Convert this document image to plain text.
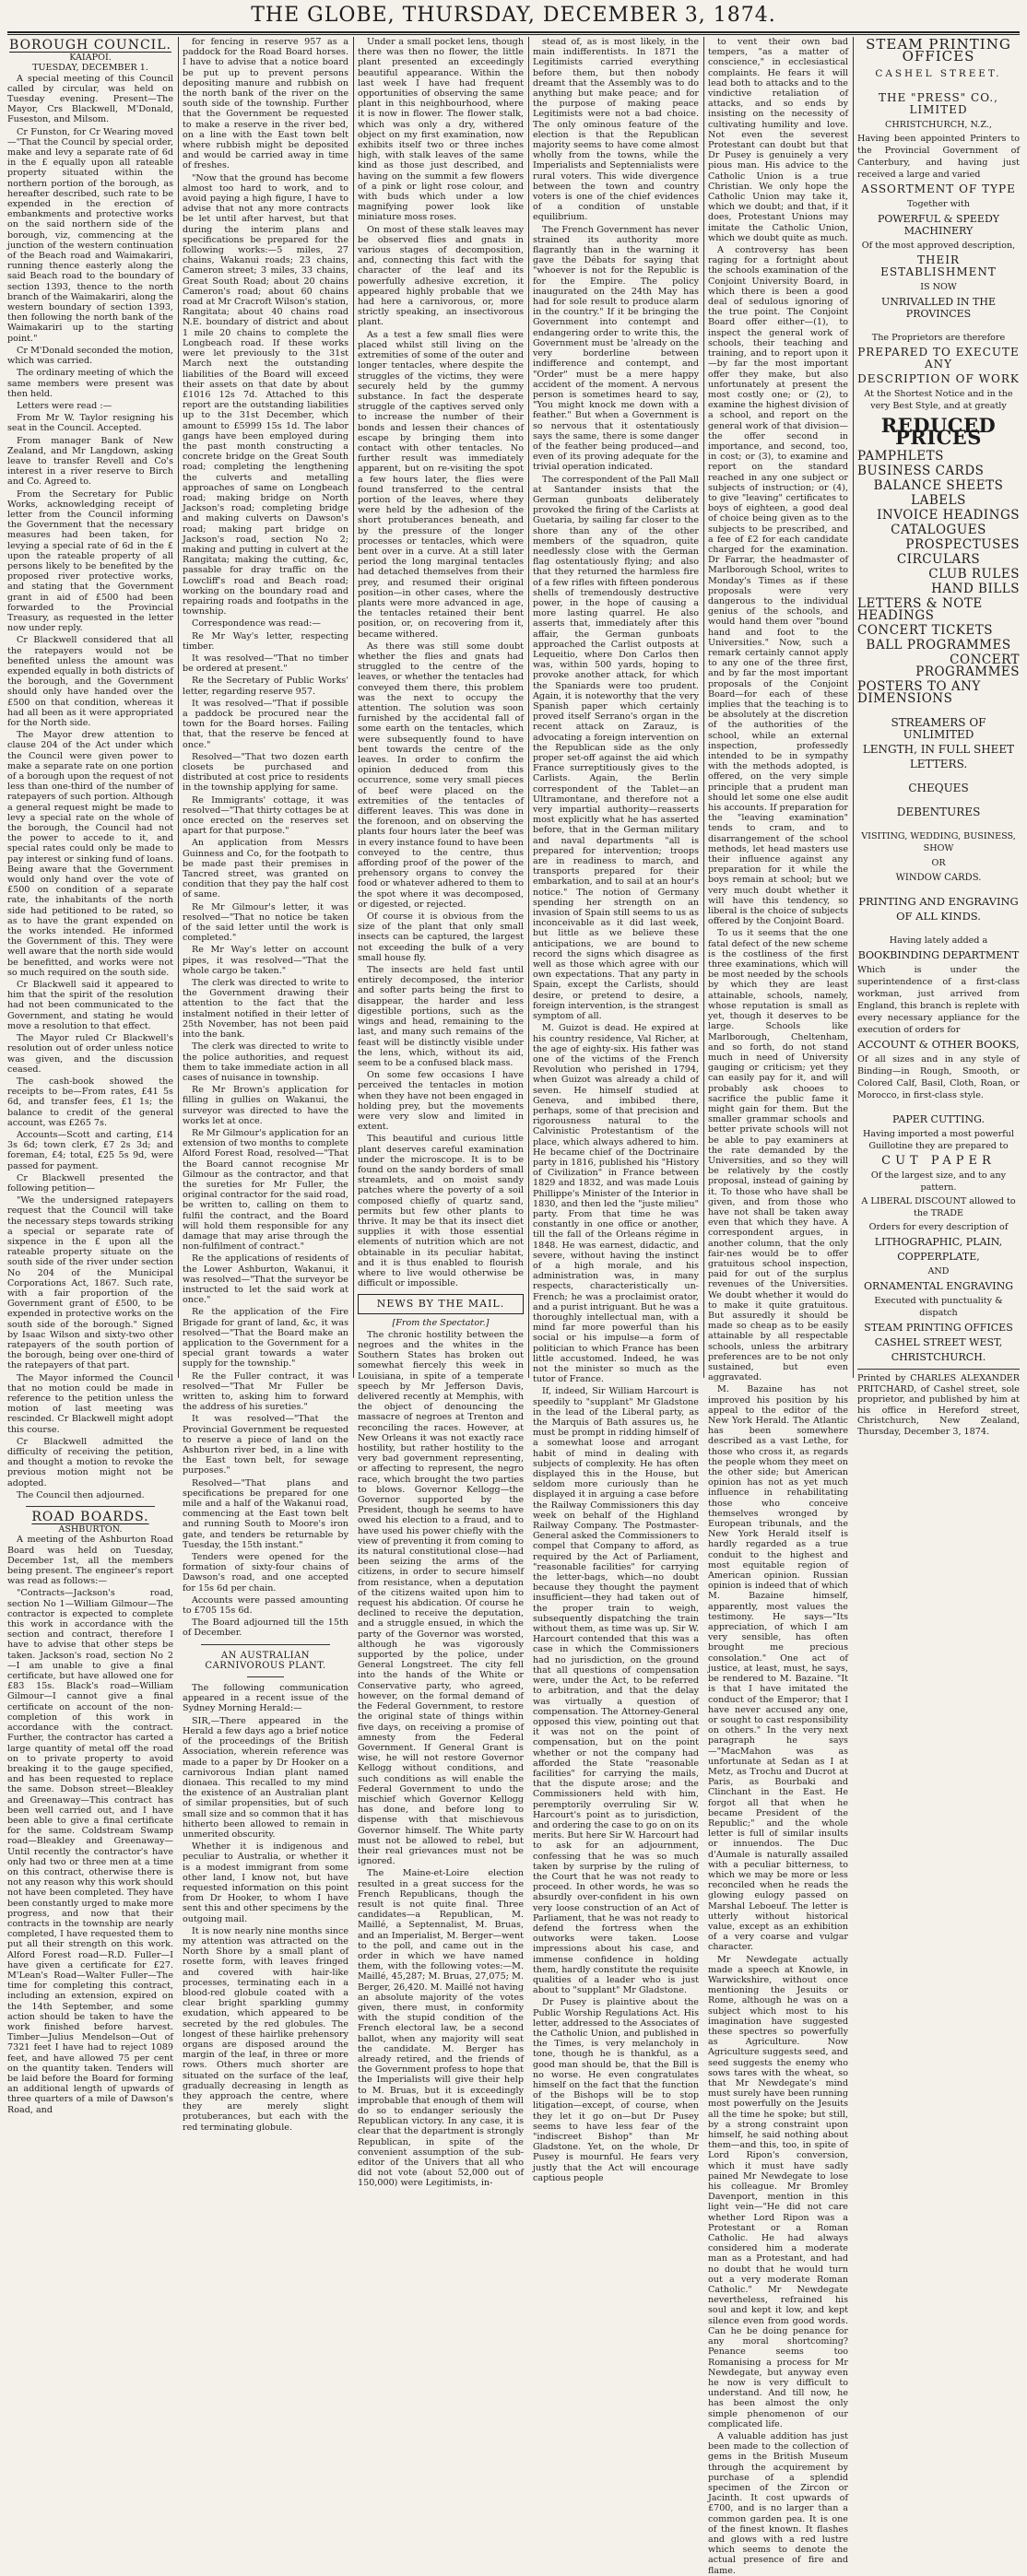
THE GLOBE, THURSDAY, DECEMBER 3, 1874.
BOROUGH COUNCIL.
KAIAPOI.
TUESDAY, DECEMBER 1.

A special meeting of this Council called by circular, was held on Tuesday evening. Present—The Mayor, Crs Blackwell, M'Donald, Fuseston, and Milsom.

Cr Funston, for Cr Wearing moved—"That the Council by special order, make and levy a separate rate of 6d in the £ equally upon all rateable property situated within the northern portion of the borough, as hereafter described, such rate to be expended in the erection of embankments and protective works on the said northern side of the borough, viz, commencing at the junction of the western continuation of the Beach road and Waimakariri, running thence easterly along the said Beach road to the boundary of section 1393, thence to the north branch of the Waimakariri, along the western boundary of section 1393, then following the north bank of the Waimakariri up to the starting point."

Cr M'Donald seconded the motion, which was carried.

The ordinary meeting of which the same members were present was then held.

Letters were read :—

From Mr W. Taylor resigning his seat in the Council. Accepted.

From manager Bank of New Zealand, and Mr Langdown, asking leave to transfer Revell and Co's interest in a river reserve to Birch and Co. Agreed to.

From the Secretary for Public Works, acknowledging receipt of letter from the Council informing the Government that the necessary measures had been taken, for levying a special rate of 6d in the £ upon the rateable property of all persons likely to be benefited by the proposed river protective works, and stating that the Government grant in aid of £500 had been forwarded to the Provincial Treasury, as requested in the letter now under reply.

Cr Blackwell considered that all the ratepayers would not be benefited unless the amount was expended equally in both districts of the borough, and the Government should only have handed over the £500 on that condition, whereas it had all been as it were appropriated for the North side.

The Mayor drew attention to clause 204 of the Act under which the Council were given power to make a separate rate on one portion of a borough upon the request of not less than one-third of the number of ratepayers of such portion. Although a general request might be made to levy a special rate on the whole of the borough, the Council had not the power to accede to it, and special rates could only be made to pay interest or sinking fund of loans. Being aware that the Government would only hand over the vote of £500 on condition of a separate rate, the inhabitants of the north side had petitioned to be rated, so as to have the grant expended on the works intended. He informed the Government of this. They were well aware that the north side would be benefitted, and works were not so much required on the south side.

Cr Blackwell said it appeared to him that the spirit of the resolution had not been communicated to the Government, and stating he would move a resolution to that effect.

The Mayor ruled Cr Blackwell's resolution out of order unless notice was given, and the discussion ceased.

The cash-book showed the receipts to be—From rates, £41 5s 6d, and transfer fees, £1 1s; the balance to credit of the general account, was £265 7s.

Accounts—Scott and carting, £14 3s 6d; town clerk, £7 2s 3d; and foreman, £4; total, £25 5s 9d, were passed for payment.

Cr Blackwell presented the following petition—

"We the undersigned ratepayers request that the Council will take the necessary steps towards striking a special or separate rate of sixpence in the £ upon all the rateable property situate on the south side of the river under section No 204 of the Municipal Corporations Act, 1867. Such rate, with a fair proportion of the Government grant of £500, to be expended in protective works on the south side of the borough." Signed by Isaac Wilson and sixty-two other ratepayers of the south portion of the borough, being over one-third of the ratepayers of that part.

The Mayor informed the Council that no motion could be made in reference to the petition unless the motion of last meeting was rescinded. Cr Blackwell might adopt this course.

Cr Blackwell admitted the difficulty of receiving the petition, and thought a motion to revoke the previous motion might not be adopted.

The Council then adjourned.

ROAD BOARDS.
ASHBURTON.

A meeting of the Ashburton Road Board was held on Tuesday, December 1st, all the members being present. The engineer's report was read as follows:—

"Contracts—Jackson's road, section No 1—William Gilmour—The contractor is expected to complete this work in accordance with the section and contract, therefore I have to advise that other steps be taken. Jackson's road, section No 2—I am unable to give a final certificate, but have allowed one for £83 15s. Black's road—William Gilmour—I cannot give a final certificate on account of the non-completion of this work in accordance with the contract. Further, the contractor has carted a large quantity of metal off the road on to private property to avoid breaking it to the gauge specified, and has been requested to replace the same. Dobson street—Bleakley and Greenaway—This contract has been well carried out, and I have been able to give a final certificate for the same. Coldstream Swamp road—Bleakley and Greenaway—Until recently the contractor's have only had two or three men at a time on this contract, otherwise there is not any reason why this work should not have been completed. They have been constantly urged to make more progress, and now that their contracts in the township are nearly completed, I have requested them to put all their strength on this work. Alford Forest road—R.D. Fuller—I have given a certificate for £27. M'Lean's Road—Walter Fuller—The time for completing this contract, including an extension, expired on the 14th September, and some action should be taken to have the work finished before harvest. Timber—Julius Mendelson—Out of 7321 feet I have had to reject 1089 feet, and have allowed 75 per cent on the quantity taken. Tenders will be laid before the Board for forming an additional length of upwards of three quarters of a mile of Dawson's Road, and

for fencing in reserve 957 as a paddock for the Road Board horses. I have to advise that a notice board be put up to prevent persons depositing manure and rubbish on the north bank of the river on the south side of the township. Further that the Government be requested to make a reserve in the river bed, on a line with the East town belt where rubbish might be deposited and would be carried away in time of freshes.

"Now that the ground has become almost too hard to work, and to avoid paying a high figure, I have to advise that not any more contracts be let until after harvest, but that during the interim plans and specifications be prepared for the following works:—5 miles, 27 chains, Wakanui roads; 23 chains, Cameron street; 3 miles, 33 chains, Great South Road; about 20 chains Cameron's road; about 60 chains road at Mr Cracroft Wilson's station, Rangitata; about 40 chains road N.E. boundary of district and about 1 mile 20 chains to complete the Longbeach road. If these works were let previously to the 31st March next the outstanding liabilities of the Board will exceed their assets on that date by about £1016 12s 7d. Attached to this report are the outstanding liabilities up to the 31st December, which amount to £5999 15s 1d. The labor gangs have been employed during the past month constructing a concrete bridge on the Great South road; completing the lengthening the culverts and metalling approaches of same on Longbeach road; making bridge on North Jackson's road; completing bridge and making culverts on Dawson's road; making part bridge on Jackson's road, section No 2; making and putting in culvert at the Rangitata; making the cutting, &c, passable for dray traffic on the Lowcliff's road and Beach road; working on the boundary road and repairing roads and footpaths in the township.

Correspondence was read:—

Re Mr Way's letter, respecting timber.

It was resolved—"That no timber be ordered at present."

Re the Secretary of Public Works' letter, regarding reserve 957.

It was resolved—"That if possible a paddock be procured near the town for the Board horses. Failing that, that the reserve be fenced at once."

Resolved—"That two dozen earth closets be purchased and distributed at cost price to residents in the township applying for same.

Re Immigrants' cottage, it was resolved—"That thirty cottages be at once erected on the reserves set apart for that purpose."

An application from Messrs Guinness and Co, for the footpath to be made past their premises in Tancred street, was granted on condition that they pay the half cost of same.

Re Mr Gilmour's letter, it was resolved—"That no notice be taken of the said letter until the work is completed."

Re Mr Way's letter on account pipes, it was resolved—"That the whole cargo be taken."

The clerk was directed to write to the Government drawing their attention to the fact that the instalment notified in their letter of 25th November, has not been paid into the bank.

The clerk was directed to write to the police authorities, and request them to take immediate action in all cases of nuisance in township.

Re Mr Brown's application for filling in gullies on Wakanui, the surveyor was directed to have the works let at once.

Re Mr Gilmour's application for an extension of two months to complete Alford Forest Road, resolved—"That the Board cannot recognise Mr Gilmour as the contractor, and that the sureties for Mr Fuller, the original contractor for the said road, be written to, calling on them to fulfil the contract, and the Board will hold them responsible for any damage that may arise through the non-fulfilment of contract."

Re the applications of residents of the Lower Ashburton, Wakanui, it was resolved—"That the surveyor be instructed to let the said work at once."

Re the application of the Fire Brigade for grant of land, &c, it was resolved—"That the Board make an application to the Government for a special grant towards a water supply for the township."

Re the Fuller contract, it was resolved—"That Mr Fuller be written to, asking him to forward the address of his sureties."

It was resolved—"That the Provincial Government be requested to reserve a piece of land on the Ashburton river bed, in a line with the East town belt, for sewage purposes."

Resolved—"That plans and specifications be prepared for one mile and a half of the Wakanui road, commencing at the East town belt and running South to Moore's iron gate, and tenders be returnable by Tuesday, the 15th instant."

Tenders were opened for the formation of sixty-four chains of Dawson's road, and one accepted for 15s 6d per chain.

Accounts were passed amounting to £705 15s 6d.

The Board adjourned till the 15th of December.

AN AUSTRALIAN CARNIVOROUS PLANT.

The following communication appeared in a recent issue of the Sydney Morning Herald:—

SIR,—There appeared in the Herald a few days ago a brief notice of the proceedings of the British Association, wherein reference was made to a paper by Dr Hooker on a carnivorous Indian plant named dionaea. This recalled to my mind the existence of an Australian plant of similar propensities, but of such small size and so common that it has hitherto been allowed to remain in unmerited obscurity.

Whether it is indigenous and peculiar to Australia, or whether it is a modest immigrant from some other land, I know not, but have requested information on this point from Dr Hooker, to whom I have sent this and other specimens by the outgoing mail.

It is now nearly nine months since my attention was attracted on the North Shore by a small plant of rosette form, with leaves fringed and covered with hair-like processes, terminating each in a blood-red globule coated with a clear bright sparkling gummy exudation, which appeared to be secreted by the red globules. The longest of these hairlike prehensory organs are disposed around the margin of the leaf, in three or more rows. Others much shorter are situated on the surface of the leaf, gradually decreasing in length as they approach the centre, where they are merely slight protuberances, but each with the red terminating globule.

Under a small pocket lens, though there was then no flower, the little plant presented an exceedingly beautiful appearance. Within the last week I have had frequent opportunities of observing the same plant in this neighbourhood, where it is now in flower. The flower stalk, which was only a dry, withered object on my first examination, now exhibits itself two or three inches high, with stalk leaves of the same kind as those just described, and having on the summit a few flowers of a pink or light rose colour, and with buds which under a low magnifying power look like miniature moss roses.

On most of these stalk leaves may be observed flies and gnats in various stages of decomposition, and, connecting this fact with the character of the leaf and its powerfully adhesive excretion, it appeared highly probable that we had here a carnivorous, or, more strictly speaking, an insectivorous plant.

As a test a few small flies were placed whilst still living on the extremities of some of the outer and longer tentacles, where despite the struggles of the victims, they were securely held by the gummy substance. In fact the desperate struggle of the captives served only to increase the number of their bonds and lessen their chances of escape by bringing them into contact with other tentacles. No further result was immediately apparent, but on re-visiting the spot a few hours later, the flies were found transferred to the central portion of the leaves, where they were held by the adhesion of the short protuberances beneath, and by the pressure of the longer processes or tentacles, which were bent over in a curve. At a still later period the long marginal tentacles had detached themselves from their prey, and resumed their original position—in other cases, where the plants were more advanced in age, the tentacles retained their bent position, or, on recovering from it, became withered.

As there was still some doubt whether the flies and gnats had struggled to the centre of the leaves, or whether the tentacles had conveyed them there, this problem was the next to occupy the attention. The solution was soon furnished by the accidental fall of some earth on the tentacles, which were subsequently found to have bent towards the centre of the leaves. In order to confirm the opinion deduced from this occurrence, some very small pieces of beef were placed on the extremities of the tentacles of different leaves. This was done in the forenoon, and on observing the plants four hours later the beef was in every instance found to have been conveyed to the centre, thus affording proof of the power of the prehensory organs to convey the food or whatever adhered to them to the spot where it was decomposed, or digested, or rejected.

Of course it is obvious from the size of the plant that only small insects can be captured, the largest not exceeding the bulk of a very small house fly.

The insects are held fast until entirely decomposed, the interior and softer parts being the first to disappear, the harder and less digestible portions, such as the wings and head, remaining to the last, and many such remains of the feast will be distinctly visible under the lens, which, without its aid, seem to be a confused black mass.

On some few occasions I have perceived the tentacles in motion when they have not been engaged in holding prey, but the movements were very slow and limited in extent.

This beautiful and curious little plant deserves careful examination under the microscope. It is to be found on the sandy borders of small streamlets, and on moist sandy patches where the poverty of a soil composed chiefly of quartz sand, permits but few other plants to thrive. It may be that its insect diet supplies it with those essential elements of nutrition which are not obtainable in its peculiar habitat, and it is thus enabled to flourish where to live would otherwise be difficult or impossible.

NEWS BY THE MAIL.
[From the Spectator.]

The chronic hostility between the negroes and the whites in the Southern States has broken out somewhat fiercely this week in Louisiana, in spite of a temperate speech by Mr Jefferson Davis, delivered recently at Memphis, with the object of denouncing the massacre of negroes at Trenton and reconciling the races. However, at New Orleans it was not exactly race hostility, but rather hostility to the very bad government representing, or affecting to represent, the negro race, which brought the two parties to blows. Governor Kellogg—the Governor supported by the President, though he seems to have owed his election to a fraud, and to have used his power chiefly with the view of preventing it from coming to its natural constitutional close—had been seizing the arms of the citizens, in order to secure himself from resistance, when a deputation of the citizens waited upon him to request his abdication. Of course he declined to receive the deputation, and a struggle ensued, in which the party of the Governor was worsted, although he was vigorously supported by the police, under General Longstreet. The city fell into the hands of the White or Conservative party, who agreed, however, on the formal demand of the Federal Government, to restore the original state of things within five days, on receiving a promise of amnesty from the Federal Government. If General Grant is wise, he will not restore Governor Kellogg without conditions, and such conditions as will enable the Federal Government to undo the mischief which Governor Kellogg has done, and before long to dispense with that mischievous Governor himself. The White party must not be allowed to rebel, but their real grievances must not be ignored.

The Maine-et-Loire election resulted in a great success for the French Republicans, though the result is not quite final. Three candidates—a Republican, M. Maillé, a Septennalist, M. Bruas, and an Imperialist, M. Berger—went to the poll, and came out in the order in which we have named them, with the following votes:—M. Maillé, 45,287; M. Bruas, 27,075; M. Berger, 26,420. M. Maillé not having an absolute majority of the votes given, there must, in conformity with the stupid condition of the French electoral law, be a second ballot, when any majority will seat the candidate. M. Berger has already retired, and the friends of the Government profess to hope that the Imperialists will give their help to M. Bruas, but it is exceedingly improbable that enough of them will do so to endanger seriously the Republican victory. In any case, it is clear that the department is strongly Republican, in spite of the convenient assumption of the sub-editor of the Univers that all who did not vote (about 52,000 out of 150,000) were Legitimists, in-

stead of, as is most likely, in the main indifferentists. In 1871 the Legitimists carried everything before them, but then nobody dreamt that the Assembly was to do anything but make peace; and for the purpose of making peace Legitimists were not a bad choice. The only ominous feature of the election is that the Republican majority seems to have come almost wholly from the towns, while the Imperialists and Septennialists were rural voters. This wide divergence between the town and country voters is one of the chief evidences of a condition of unstable equilibrium.

The French Government has never strained its authority more flagrantly than in the warning it gave the Débats for saying that "whoever is not for the Republic is for the Empire. The policy inaugurated on the 24th May has had for sole result to produce alarm in the country." If it be bringing the Government into contempt and endangering order to write this, the Government must be 'already on the very borderline between indifference and contempt, and "Order" must be a mere happy accident of the moment. A nervous person is sometimes heard to say, "You might knock me down with a feather." But when a Government is so nervous that it ostentatiously says the same, there is some danger of the feather being produced—and even of its proving adequate for the trivial operation indicated.

The correspondent of the Pall Mall at Santander insists that the German gunboats deliberately provoked the firing of the Carlists at Guetaria, by sailing far closer to the shore than any of the other members of the squadron, quite needlessly close with the German flag ostentatiously flying; and also that they returned the harmless fire of a few rifles with fifteen ponderous shells of tremendously destructive power, in the hope of causing a more lasting quarrel. He also asserts that, immediately after this affair, the German gunboats approached the Carlist outposts at Lequeitio, where Don Carlos then was, within 500 yards, hoping to provoke another attack, for which the Spaniards were too prudent. Again, it is noteworthy that the very Spanish paper which certainly proved itself Serrano's organ in the recent attack on Zarauz, is advocating a foreign intervention on the Republican side as the only proper set-off against the aid which France surreptitiously gives to the Carlists. Again, the Berlin correspondent of the Tablet—an Ultramontane, and therefore not a very impartial authority—reasserts most explicitly what he has asserted before, that in the German military and naval departments "all is prepared for intervention; troops are in readiness to march, and transports prepared for their embarkation, and to sail at an hour's notice." The notion of Germany spending her strength on an invasion of Spain still seems to us as inconceivable as it did last week, but little as we believe these anticipations, we are bound to record the signs which disagree as well as those which agree with our own expectations. That any party in Spain, except the Carlists, should desire, or pretend to desire, a foreign intervention, is the strangest symptom of all.

M. Guizot is dead. He expired at his country residence, Val Richer, at the age of eighty-six. His father was one of the victims of the French Revolution who perished in 1794, when Guizot was already a child of seven. He himself studied at Geneva, and imbibed there, perhaps, some of that precision and rigorousness natural to the Calvinistic Protestantism of the place, which always adhered to him. He became chief of the Doctrinaire party in 1816, published his "History of Civilization" in France between 1829 and 1832, and was made Louis Phillippe's Minister of the Interior in 1830, and then led the "juste milieu" party. From that time he was constantly in one office or another, till the fall of the Orleans régime in 1848. He was earnest, didactic, and severe, without having the instinct of a high morale, and his administration was, in many respects, characteristically un-French; he was a proclaimist orator, and a purist intriguant. But he was a thoroughly intellectual man, with a mind far more powerful than his social or his impulse—a form of politician to which France has been little accustomed. Indeed, he was not the minister so much as the tutor of France.

If, indeed, Sir William Harcourt is speedily to "supplant" Mr Gladstone in the lead of the Liberal party, as the Marquis of Bath assures us, he must be prompt in ridding himself of a somewhat loose and arrogant habit of mind in dealing with subjects of complexity. He has often displayed this in the House, but seldom more curiously than he displayed it in arguing a case before the Railway Commissioners this day week on behalf of the Highland Railway Company. The Postmaster-General asked the Commissioners to compel that Company to afford, as required by the Act of Parliament, "reasonable facilities" for carrying the letter-bags, which—no doubt because they thought the payment insufficient—they had taken out of the proper train to weigh, subsequently dispatching the train without them, as time was up. Sir W. Harcourt contended that this was a case in which the Commissioners had no jurisdiction, on the ground that all questions of compensation were, under the Act, to be referred to arbitration, and that the delay was virtually a question of compensation. The Attorney-General opposed this view, pointing out that it was not on the point of compensation, but on the point whether or not the company had afforded the State "reasonable facilities" for carrying the mails, that the dispute arose; and the Commissioners held with him, peremptorily overruling Sir W. Harcourt's point as to jurisdiction, and ordering the case to go on on its merits. But here Sir W. Harcourt had to ask for an adjournment, confessing that he was so much taken by surprise by the ruling of the Court that he was not ready to proceed. In other words, he was so absurdly over-confident in his own very loose construction of an Act of Parliament, that he was not ready to defend the fortress when the outworks were taken. Loose impressions about his case, and immense confidence in holding them, hardly constitute the requisite qualities of a leader who is just about to "supplant" Mr Gladstone.

Dr Pusey is plaintive about the Public Worship Regulations Act. His letter, addressed to the Associates of the Catholic Union, and published in the Times, is very melancholy in tone, though he is thankful, as a good man should be, that the Bill is no worse. He even congratulates himself on the fact that the function of the Bishops will be to stop litigation—except, of course, when they let it go on—but Dr Pusey seems to have less fear of the "indiscreet Bishop" than Mr Gladstone. Yet, on the whole, Dr Pusey is mournful. He fears very justly that the Act will encourage captious people

to vent their own bad tempers, "as a matter of conscience," in ecclesiastical complaints. He fears it will lead both to attacks and to the vindictive retaliation of attacks, and so ends by insisting on the necessity of cultivating humility and love. Not even the severest Protestant can doubt but that Dr Pusey is genuinely a very pious man. His advice to the Catholic Union is a true Christian. We only hope the Catholic Union may take it, which we doubt; and that, if it does, Protestant Unions may imitate the Catholic Union, which we doubt quite as much.

A controversy has been raging for a fortnight about the schools examination of the Conjoint University Board, in which there is been a good deal of sedulous ignoring of the true point. The Conjoint Board offer either—(1), to inspect the general work of schools, their teaching and training, and to report upon it—by far the most important offer they make, but also unfortunately at present the most costly one; or (2), to examine the highest division of a school, and report on the general work of that division—the offer second in importance, and second, too, in cost; or (3), to examine and report on the standard reached in any one subject or subjects of instruction; or (4), to give "leaving" certificates to boys of eighteen, a good deal of choice being given as to the subjects to be prescribed, and a fee of £2 for each candidate charged for the examination. Dr Farrar, the headmaster of Marlborough School, writes to Monday's Times as if these proposals were very dangerous to the individual genius of the schools, and would hand them over "bound hand and foot to the Universities." Now, such a remark certainly cannot apply to any one of the three first, and by far the most important proposals of the Conjoint Board—for each of these implies that the teaching is to be absolutely at the discretion of the authorities of the school, while an external inspection, professedly intended to be in sympathy with the methods adopted, is offered, on the very simple principle that a prudent man should let some one else audit his accounts. If preparation for the "leaving examination" tends to cram, and to disarrangement of the school methods, let head masters use their influence against any preparation for it while the boys remain at school; but we very much doubt whether it will have this tendency, so liberal is the choice of subjects offered by the Conjoint Board.

To us it seems that the one fatal defect of the new scheme is the costliness of the first three examinations, which will be most needed by the schools by which they are least attainable, schools, namely, whose reputation is small as yet, though it deserves to be large. Schools like Marlborough, Cheltenham, and so forth, do not stand much in need of University gauging or criticism; yet they can easily pay for it, and will probably ask chooes to sacrifice the public fame it might gain for them. But the smaller grammar schools and better private schools will not be able to pay examiners at the rate demanded by the Universities, and so they will be relatively by the costly proposal, instead of gaining by it. To those who have shall be given, and from those who have not shall be taken away even that which they have. A correspondent argues, in another column, that the only fair-nes would be to offer gratuitous school inspection, paid for out of the surplus revenues of the Universities. We doubt whether it would do to make it quite gratuitous. But assuredly it should be made so cheap as to be easily attainable by all respectable schools, unless the arbitrary preferences are to be not only sustained, but even aggravated.

M. Bazaine has not improved his position by his appeal to the editor of the New York Herald. The Atlantic has been somewhere described as a vast Lethe, for those who cross it, as regards the people whom they meet on the other side; but American opinion has not as yet much influence in rehabilitating those who conceive themselves wronged by European tribunals, and the New York Herald itself is hardly regarded as a true conduit to the highest and most equitable region of American opinion. Russian opinion is indeed that of which M. Bazaine himself, apparently, most values the testimony. He says—"Its appreciation, of which I am very sensible, has often brought me precious consolation." One act of justice, at least, must, he says, be rendered to M. Bazaine. "It is that I have imitated the conduct of the Emperor; that I have never accused any one, or sought to cast responsibility on others." In the very next paragraph he says—"MacMahon was as unfortunate at Sedan as I at Metz, as Trochu and Ducrot at Paris, as Bourbaki and Clinchant in the East. He forgot all that when he became President of the Republic;" and the whole letter is full of similar insults or innuendos. The Duc d'Aumale is naturally assailed with a peculiar bitterness, to which we may be more or less reconciled when he reads the glowing eulogy passed on Marshal Leboeuf. The letter is utterly without historical value, except as an exhibition of a very coarse and vulgar character.

Mr Newdegate actually made a speech at Knowle, in Warwickshire, without once mentioning the Jesuits or Rome, although he was on a subject which most to his imagination have suggested these spectres so powerfully as Agriculture. Now Agriculture suggests seed, and seed suggests the enemy who sows tares with the wheat, so that Mr Newdegate's mind must surely have been running most powerfully on the Jesuits all the time he spoke; but still, by a strong constraint upon himself, he said nothing about them—and this, too, in spite of Lord Ripon's conversion, which it must have sadly pained Mr Newdegate to lose his colleague. Mr Bromley Davenport, mention in this light vein—"He did not care whether Lord Ripon was a Protestant or a Roman Catholic. He had always considered him a moderate man as a Protestant, and had no doubt that he would turn out a very moderate Roman Catholic." Mr Newdegate nevertheless, refrained his soul and kept it low, and kept silence even from good words. Can he be doing penance for any moral shortcoming? Penance seems too Romanising a process for Mr Newdegate, but anyway even he now is very difficult to understand. And till now, he has been almost the only simple phenomenon of our complicated life.

A valuable addition has just been made to the collection of gems in the British Museum through the acquirement by purchase of a splendid specimen of the Zircon or Jacinth. It cost upwards of £700, and is no larger than a common garden pea. It is one of the finest known. It flashes and glows with a red lustre which seems to denote the actual presence of fire and flame.

STEAM PRINTING OFFICES
CASHEL STREET.
THE "PRESS" CO., LIMITED
CHRISTCHURCH, N.Z.,
Having been appointed Printers to the Provincial Government of Canterbury, and having just received a large and varied
ASSORTMENT OF TYPE
Together with
POWERFUL & SPEEDY MACHINERY
Of the most approved description,
THEIR ESTABLISHMENT
IS NOW
UNRIVALLED IN THE PROVINCES
The Proprietors are therefore
PREPARED TO EXECUTE ANY
DESCRIPTION OF WORK
At the Shortest Notice and in the very Best Style, and at greatly
REDUCED PRICES
PAMPHLETS
BUSINESS CARDS
BALANCE SHEETS
LABELS
INVOICE HEADINGS
CATALOGUES
PROSPECTUSES
CIRCULARS
CLUB RULES
HAND BILLS
LETTERS & NOTE HEADINGS
CONCERT TICKETS
BALL PROGRAMMES
CONCERT PROGRAMMES
POSTERS TO ANY DIMENSIONS
STREAMERS OF UNLIMITED
LENGTH, IN FULL SHEET
LETTERS.
CHEQUES
DEBENTURES
VISITING, WEDDING, BUSINESS, SHOW
OR
WINDOW CARDS.
PRINTING AND ENGRAVING
OF ALL KINDS.
Having lately added a
BOOKBINDING DEPARTMENT
Which is under the superintendence of a first-class workman, just arrived from England, this branch is replete with every necessary appliance for the execution of orders for
ACCOUNT & OTHER BOOKS,
Of all sizes and in any style of Binding—in Rough, Smooth, or Colored Calf, Basil, Cloth, Roan, or Morocco, in first-class style.
PAPER CUTTING.
Having imported a most powerful Guillotine they are prepared to
CUT PAPER
Of the largest size, and to any pattern.
A LIBERAL DISCOUNT allowed to the TRADE
Orders for every description of
LITHOGRAPHIC, PLAIN,
COPPERPLATE,
AND
ORNAMENTAL ENGRAVING
Executed with punctuality & dispatch
STEAM PRINTING OFFICES
CASHEL STREET WEST,
CHRISTCHURCH.
Printed by CHARLES ALEXANDER PRITCHARD, of Cashel street, sole proprietor, and published by him at his office in Hereford street, Christchurch, New Zealand, Thursday, December 3, 1874.
